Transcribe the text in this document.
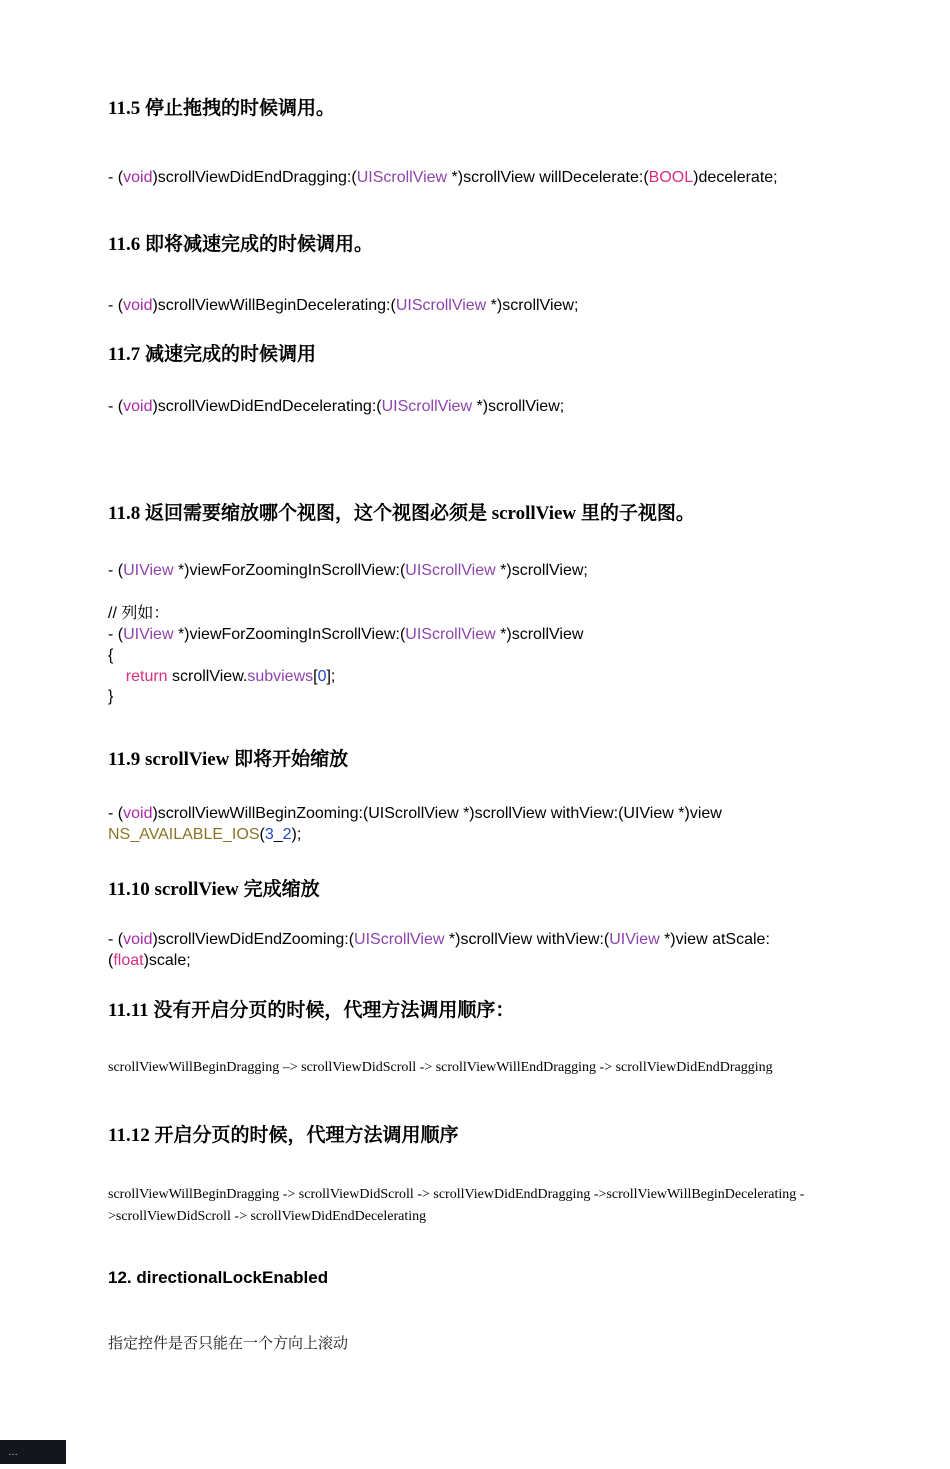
11.5 停止拖拽的时候调用。
- (void)scrollViewDidEndDragging:(UIScrollView *)scrollView willDecelerate:(BOOL)decelerate;
11.6 即将减速完成的时候调用。
- (void)scrollViewWillBeginDecelerating:(UIScrollView *)scrollView;
11.7 减速完成的时候调用
- (void)scrollViewDidEndDecelerating:(UIScrollView *)scrollView;
11.8 返回需要缩放哪个视图，这个视图必须是 scrollView 里的子视图。
- (UIView *)viewForZoomingInScrollView:(UIScrollView *)scrollView;
// 列如：
- (UIView *)viewForZoomingInScrollView:(UIScrollView *)scrollView
{
return scrollView.subviews[0];
}
11.9 scrollView 即将开始缩放
- (void)scrollViewWillBeginZooming:(UIScrollView *)scrollView withView:(UIView *)view
NS_AVAILABLE_IOS(3_2);
11.10 scrollView 完成缩放
- (void)scrollViewDidEndZooming:(UIScrollView *)scrollView withView:(UIView *)view atScale:
(float)scale;
11.11 没有开启分页的时候，代理方法调用顺序：

scrollViewWillBeginDragging –> scrollViewDidScroll -> scrollViewWillEndDragging -> scrollViewDidEndDragging

11.12 开启分页的时候，代理方法调用顺序

scrollViewWillBeginDragging -> scrollViewDidScroll -> scrollViewDidEndDragging ->scrollViewWillBeginDecelerating ->scrollViewDidScroll -> scrollViewDidEndDecelerating

12. directionalLockEnabled

指定控件是否只能在一个方向上滚动

…
